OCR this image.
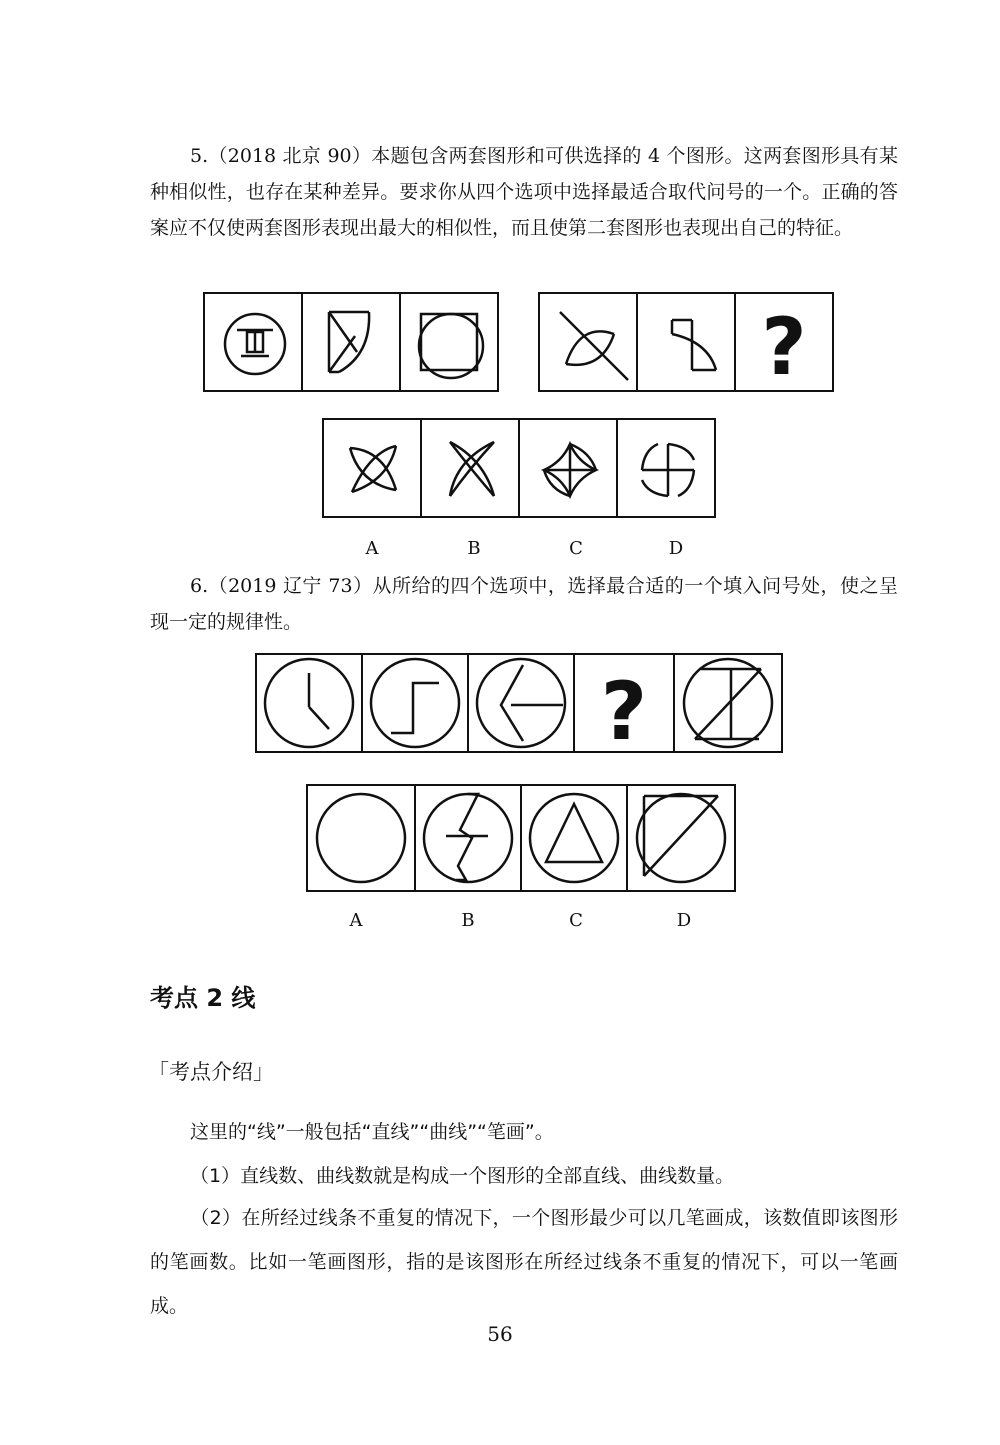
5.（2018 北京 90）本题包含两套图形和可供选择的 4 个图形。这两套图形具有某种相似性，也存在某种差异。要求你从四个选项中选择最适合取代问号的一个。正确的答案应不仅使两套图形表现出最大的相似性，而且使第二套图形也表现出自己的特征。
?
A	B	C	D
6.（2019 辽宁 73）从所给的四个选项中，选择最合适的一个填入问号处，使之呈现一定的规律性。
?
A	B	C	D
考点 2 线
「考点介绍」
这里的“线”一般包括“直线”“曲线”“笔画”。
（1）直线数、曲线数就是构成一个图形的全部直线、曲线数量。
（2）在所经过线条不重复的情况下，一个图形最少可以几笔画成，该数值即该图形的笔画数。比如一笔画图形，指的是该图形在所经过线条不重复的情况下，可以一笔画成。
56
